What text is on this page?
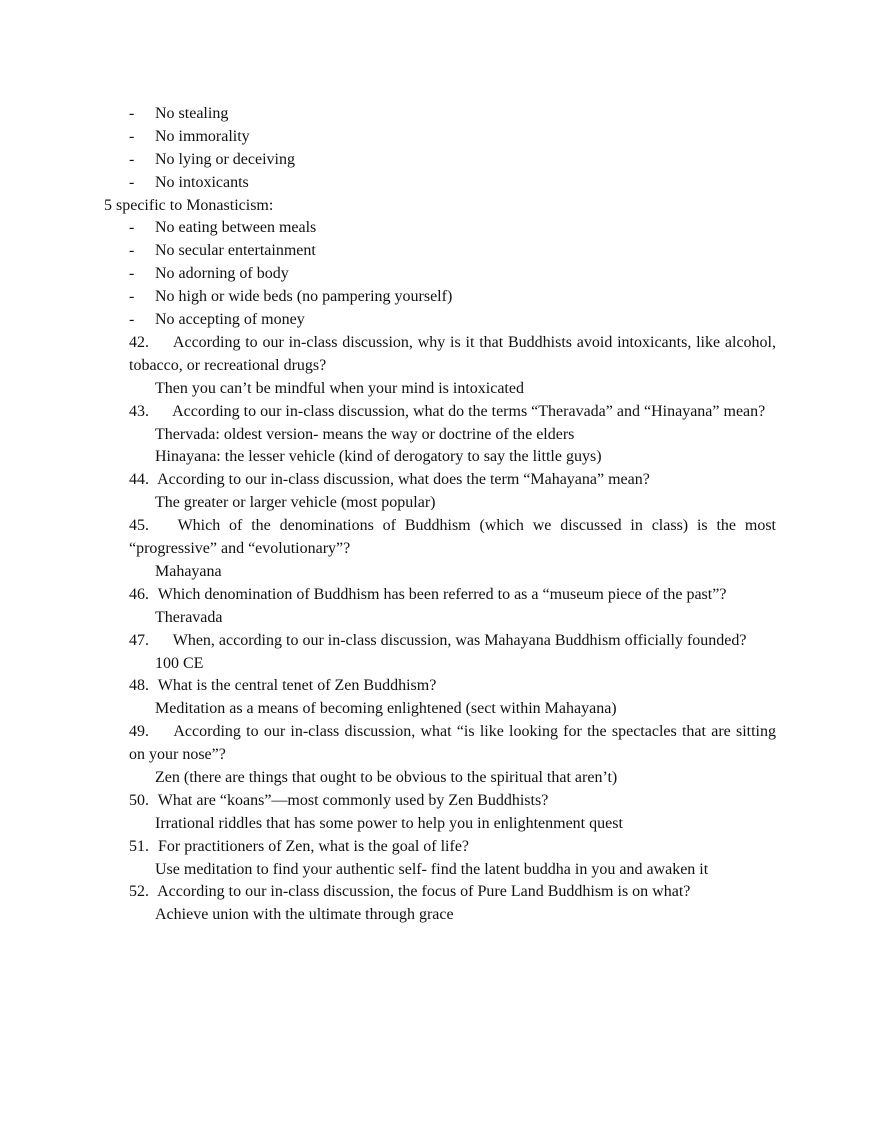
- No stealing
- No immorality
- No lying or deceiving
- No intoxicants
5 specific to Monasticism:
- No eating between meals
- No secular entertainment
- No adorning of body
- No high or wide beds (no pampering yourself)
- No accepting of money
42. According to our in-class discussion, why is it that Buddhists avoid intoxicants, like alcohol, tobacco, or recreational drugs?
Then you can’t be mindful when your mind is intoxicated
43. According to our in-class discussion, what do the terms “Theravada” and “Hinayana” mean?
Thervada: oldest version- means the way or doctrine of the elders
Hinayana: the lesser vehicle (kind of derogatory to say the little guys)
44. According to our in-class discussion, what does the term “Mahayana” mean?
The greater or larger vehicle (most popular)
45. Which of the denominations of Buddhism (which we discussed in class) is the most “progressive” and “evolutionary”?
Mahayana
46. Which denomination of Buddhism has been referred to as a “museum piece of the past”?
Theravada
47. When, according to our in-class discussion, was Mahayana Buddhism officially founded?
100 CE
48. What is the central tenet of Zen Buddhism?
Meditation as a means of becoming enlightened (sect within Mahayana)
49. According to our in-class discussion, what “is like looking for the spectacles that are sitting on your nose”?
Zen (there are things that ought to be obvious to the spiritual that aren’t)
50. What are “koans”—most commonly used by Zen Buddhists?
Irrational riddles that has some power to help you in enlightenment quest
51. For practitioners of Zen, what is the goal of life?
Use meditation to find your authentic self- find the latent buddha in you and awaken it
52. According to our in-class discussion, the focus of Pure Land Buddhism is on what?
Achieve union with the ultimate through grace
